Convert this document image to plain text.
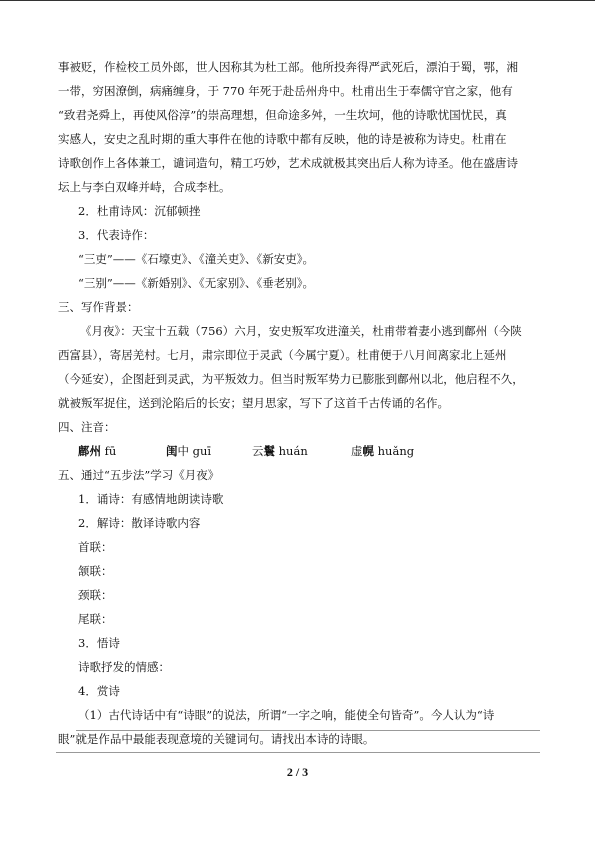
事被贬，作检校工员外郎，世人因称其为杜工部。他所投奔得严武死后，漂泊于蜀，鄂，湘

一带，穷困潦倒，病痛缠身，于 770 年死于赴岳州舟中。杜甫出生于奉儒守官之家，他有

“致君尧舜上，再使风俗淳”的崇高理想，但命途多舛，一生坎坷，他的诗歌忧国忧民，真

实感人，安史之乱时期的重大事件在他的诗歌中都有反映，他的诗是被称为诗史。杜甫在

诗歌创作上各体兼工，谴词造句，精工巧妙，艺术成就极其突出后人称为诗圣。他在盛唐诗

坛上与李白双峰并峙，合成李杜。

2．杜甫诗风：沉郁顿挫

3．代表诗作：

“三吏”——《石壕吏》、《潼关吏》、《新安吏》。

“三别”——《新婚别》、《无家别》、《垂老别》。

三、写作背景：

《月夜》：天宝十五载（756）六月，安史叛军攻进潼关，杜甫带着妻小逃到鄜州（今陕

西富县），寄居羌村。七月，肃宗即位于灵武（今属宁夏）。杜甫便于八月间离家北上延州

（今延安），企图赶到灵武，为平叛效力。但当时叛军势力已膨胀到鄜州以北，他启程不久，

就被叛军捉住，送到沦陷后的长安；望月思家，写下了这首千古传诵的名作。

四、注音：

鄜州 fū	闺中 guī	云鬟 huán	虚幌 huǎng

五、通过“五步法”学习《月夜》

1．诵诗：有感情地朗读诗歌

2．解诗：散译诗歌内容

首联：

颔联：

颈联：

尾联：

3．悟诗

诗歌抒发的情感：

4．赏诗

（1）古代诗话中有“诗眼”的说法，所谓“一字之响，能使全句皆奇”。今人认为“诗

眼”就是作品中最能表现意境的关键词句。请找出本诗的诗眼。

2 / 3
